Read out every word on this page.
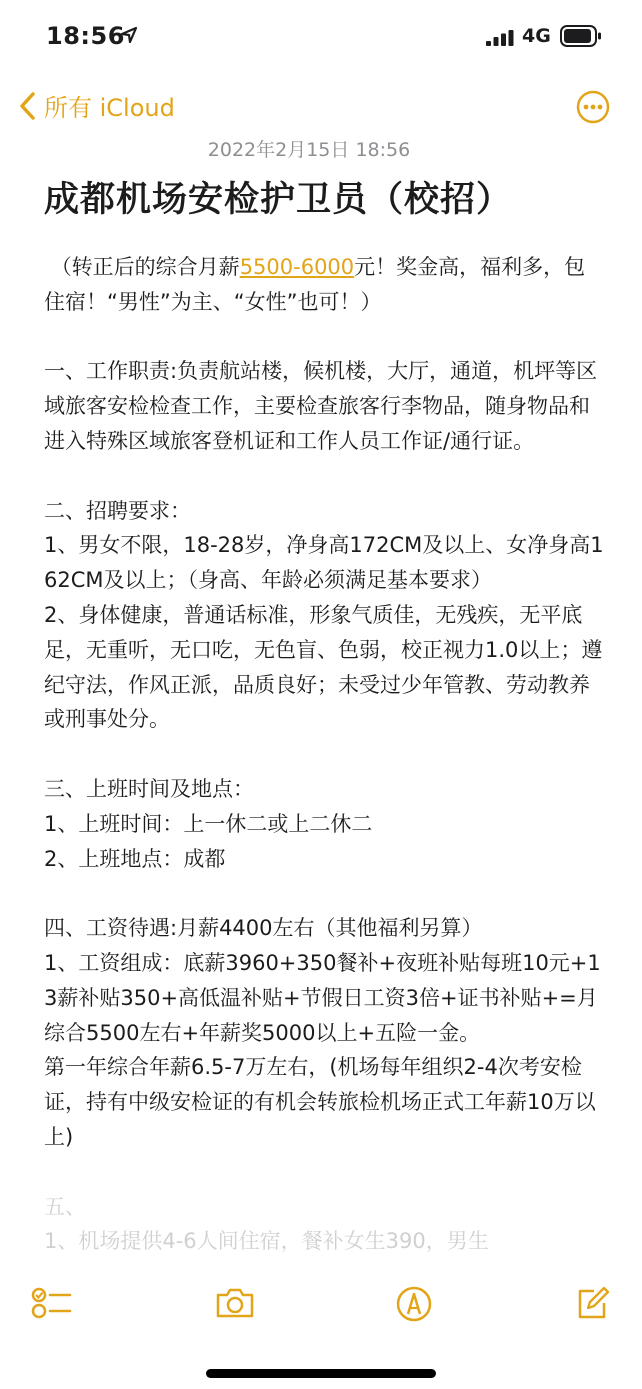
18:56	4G
所有 iCloud
2022年2月15日 18:56
成都机场安检护卫员（校招）
（转正后的综合月薪5500-6000元！奖金高，福利多，包住宿！“男性”为主、“女性”也可！）

一、工作职责:负责航站楼，候机楼，大厅，通道，机坪等区域旅客安检检查工作，主要检查旅客行李物品，随身物品和进入特殊区域旅客登机证和工作人员工作证/通行证。

二、招聘要求：
1、男女不限，18-28岁，净身高172CM及以上、女净身高162CM及以上；（身高、年龄必须满足基本要求）
2、身体健康，普通话标准，形象气质佳，无残疾，无平底足，无重听，无口吃，无色盲、色弱，校正视力1.0以上；遵纪守法，作风正派，品质良好；未受过少年管教、劳动教养或刑事处分。

三、上班时间及地点：
1、上班时间：上一休二或上二休二
2、上班地点：成都

四、工资待遇:月薪4400左右（其他福利另算）
1、工资组成：底薪3960+350餐补+夜班补贴每班10元+13薪补贴350+高低温补贴+节假日工资3倍+证书补贴+=月综合5500左右+年薪奖5000以上+五险一金。
第一年综合年薪6.5-7万左右，(机场每年组织2-4次考安检证，持有中级安检证的有机会转旅检机场正式工年薪10万以上)

五、
1、机场提供4-6人间住宿，餐补女生390，男生
